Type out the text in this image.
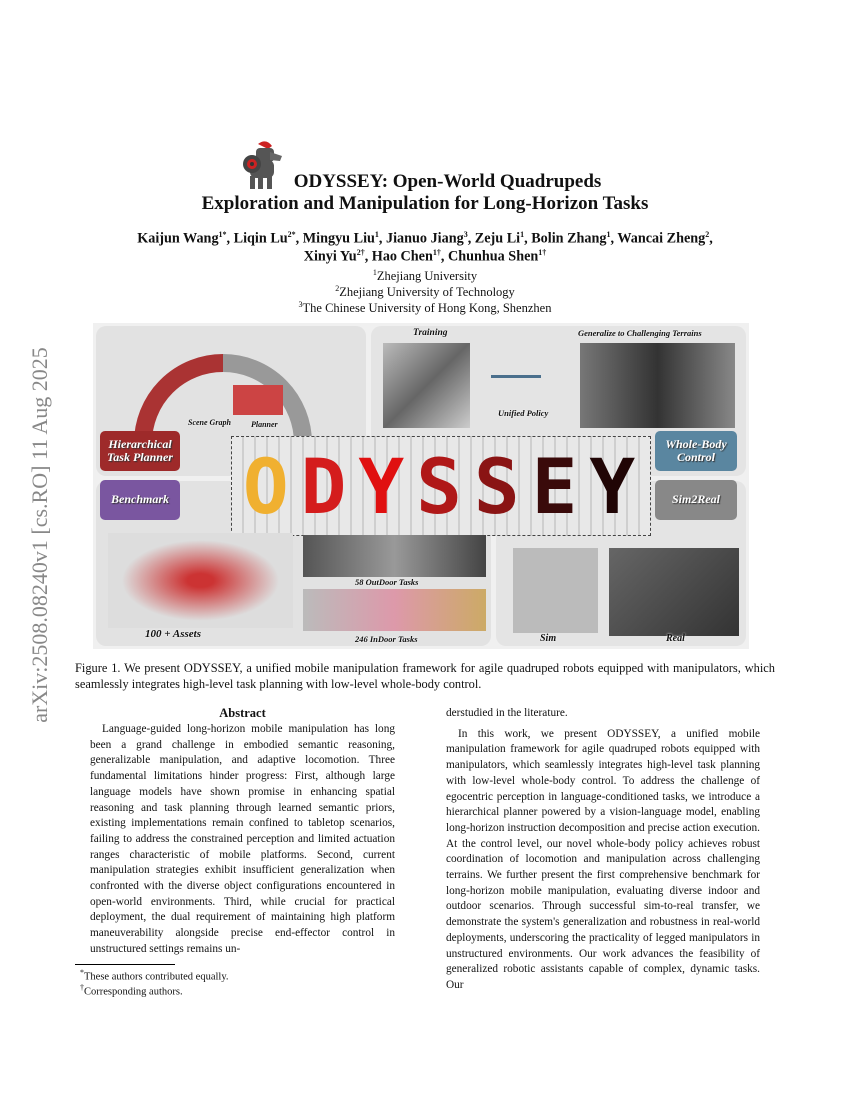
arXiv:2508.08240v1 [cs.RO] 11 Aug 2025
ODYSSEY: Open-World Quadrupeds
Exploration and Manipulation for Long-Horizon Tasks
Kaijun Wang$^{1*}$, Liqin $Lu^{2*}$, Mingyu Liu$^1$, Jianuo Jiang$^3$, Zeju Li$^1$, Bolin Zhang$^1$, Wancai Zheng$^2$,
Xinyi $Yu^{2\dagger}$, Hao Chen$^{1\dagger}$, Chunhua Shen$^{1\dagger}$
$^1$Zhejiang University
$^2$Zhejiang University of Technology
$^3$The Chinese University of Hong Kong, Shenzhen
Scene Graph	Planner
Training
Unified Policy
Generalize to Challenging Terrains
Hierarchical Task Planner
Whole-Body Control
Benchmark	Sim2Real
O D Y S S E Y
100 + Assets
58 OutDoor Tasks
246 InDoor Tasks	Sim	Real
Figure 1. We present ODYSSEY, a unified mobile manipulation framework for agile quadruped robots equipped with manipulators, which seamlessly integrates high-level task planning with low-level whole-body control.
Abstract

Language-guided long-horizon mobile manipulation has long been a grand challenge in embodied semantic reasoning, generalizable manipulation, and adaptive locomotion. Three fundamental limitations hinder progress: First, although large language models have shown promise in enhancing spatial reasoning and task planning through learned semantic priors, existing implementations remain confined to tabletop scenarios, failing to address the constrained perception and limited actuation ranges characteristic of mobile platforms. Second, current manipulation strategies exhibit insufficient generalization when confronted with the diverse object configurations encountered in open-world environments. Third, while crucial for practical deployment, the dual requirement of maintaining high platform maneuverability alongside precise end-effector control in unstructured settings remains un-

derstudied in the literature.

In this work, we present ODYSSEY, a unified mobile manipulation framework for agile quadruped robots equipped with manipulators, which seamlessly integrates high-level task planning with low-level whole-body control. To address the challenge of egocentric perception in language-conditioned tasks, we introduce a hierarchical planner powered by a vision-language model, enabling long-horizon instruction decomposition and precise action execution. At the control level, our novel whole-body policy achieves robust coordination of locomotion and manipulation across challenging terrains. We further present the first comprehensive benchmark for long-horizon mobile manipulation, evaluating diverse indoor and outdoor scenarios. Through successful sim-to-real transfer, we demonstrate the system's generalization and robustness in real-world deployments, underscoring the practicality of legged manipulators in unstructured environments. Our work advances the feasibility of generalized robotic assistants capable of complex, dynamic tasks. Our

*These authors contributed equally.
†Corresponding authors.
